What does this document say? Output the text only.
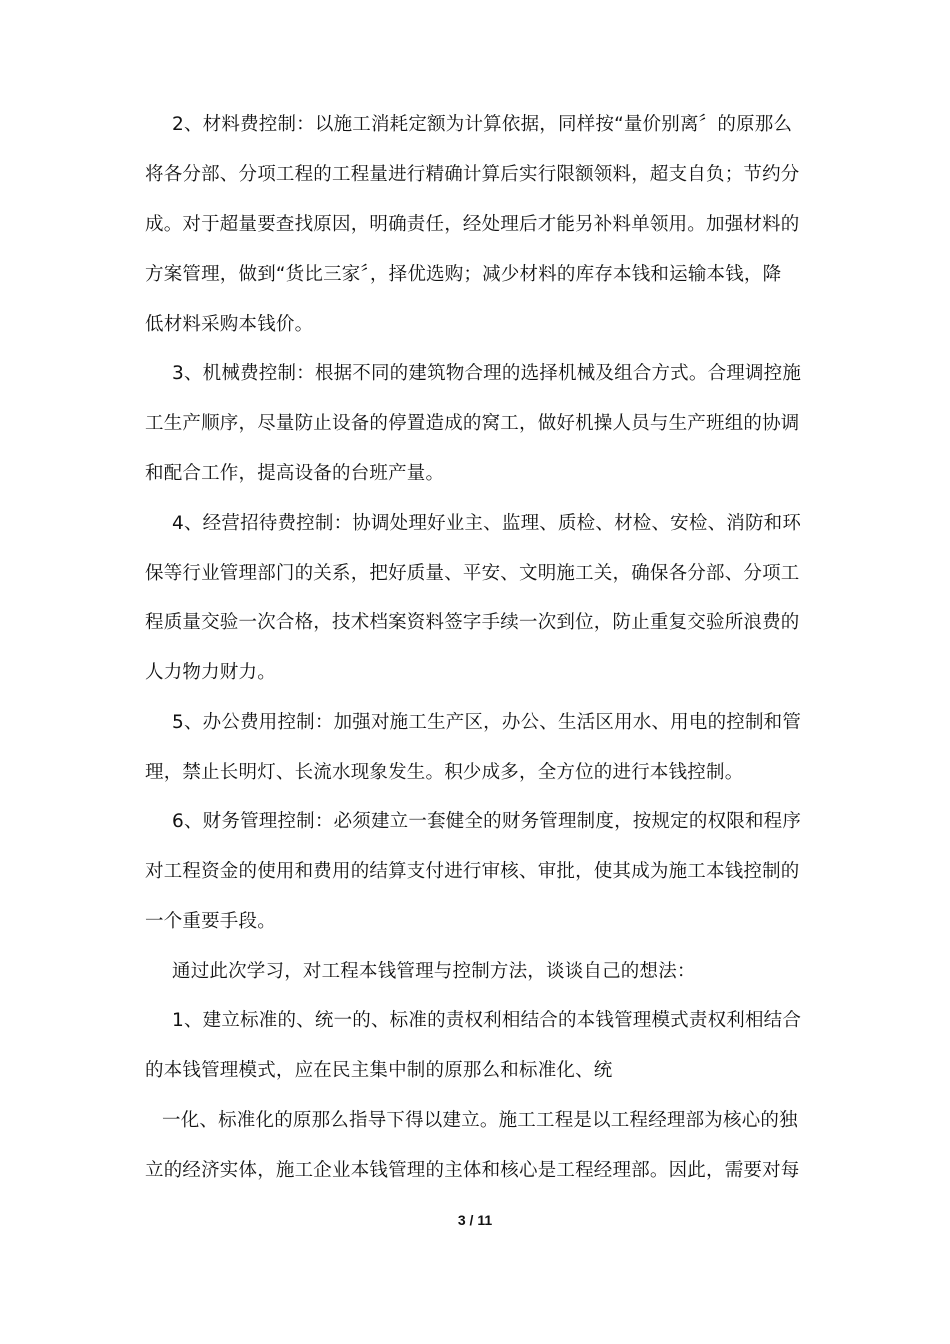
2、材料费控制：以施工消耗定额为计算依据，同样按“量价别离〞的原那么
将各分部、分项工程的工程量进行精确计算后实行限额领料，超支自负；节约分
成。对于超量要查找原因，明确责任，经处理后才能另补料单领用。加强材料的
方案管理，做到“货比三家〞，择优选购；减少材料的库存本钱和运输本钱，降
低材料采购本钱价。
3、机械费控制：根据不同的建筑物合理的选择机械及组合方式。合理调控施
工生产顺序，尽量防止设备的停置造成的窝工，做好机操人员与生产班组的协调
和配合工作，提高设备的台班产量。
4、经营招待费控制：协调处理好业主、监理、质检、材检、安检、消防和环
保等行业管理部门的关系，把好质量、平安、文明施工关，确保各分部、分项工
程质量交验一次合格，技术档案资料签字手续一次到位，防止重复交验所浪费的
人力物力财力。
5、办公费用控制：加强对施工生产区，办公、生活区用水、用电的控制和管
理，禁止长明灯、长流水现象发生。积少成多，全方位的进行本钱控制。
6、财务管理控制：必须建立一套健全的财务管理制度，按规定的权限和程序
对工程资金的使用和费用的结算支付进行审核、审批，使其成为施工本钱控制的
一个重要手段。
通过此次学习，对工程本钱管理与控制方法，谈谈自己的想法：
1、建立标准的、统一的、标准的责权利相结合的本钱管理模式责权利相结合
的本钱管理模式，应在民主集中制的原那么和标准化、统
一化、标准化的原那么指导下得以建立。施工工程是以工程经理部为核心的独
立的经济实体，施工企业本钱管理的主体和核心是工程经理部。因此，需要对每
3 / 11
